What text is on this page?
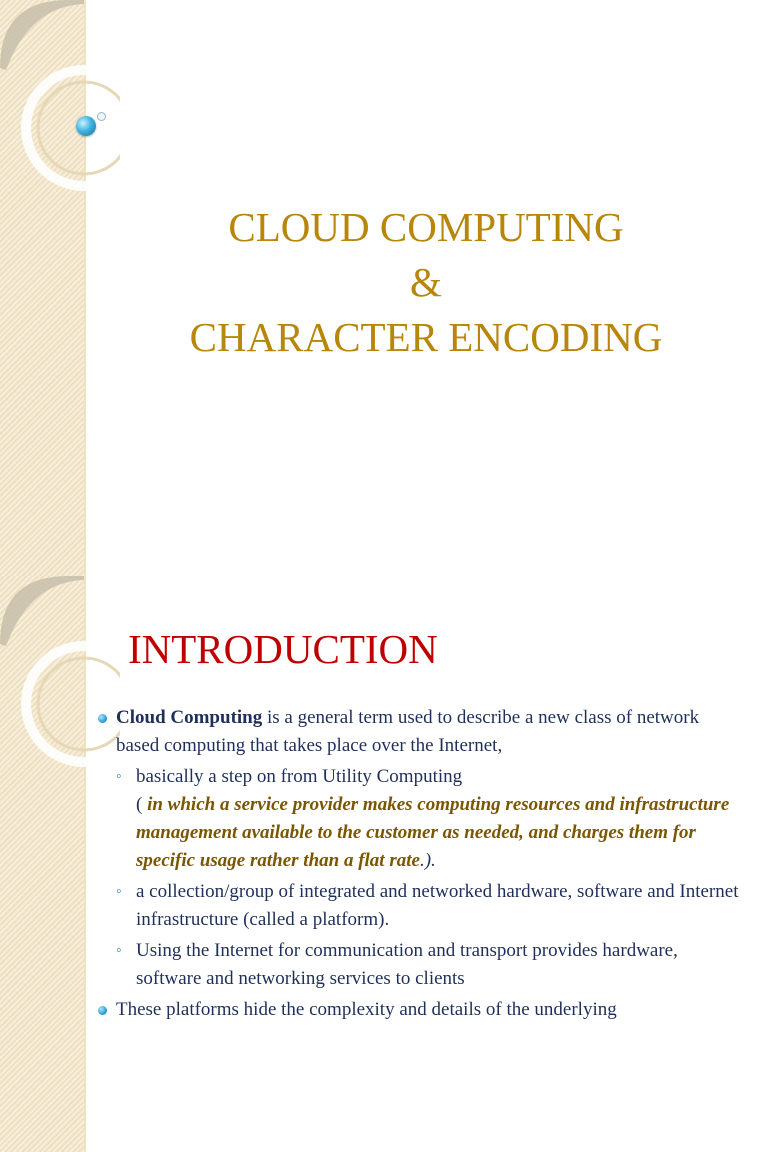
CLOUD COMPUTING
&
CHARACTER ENCODING
INTRODUCTION
Cloud Computing is a general term used to describe a new class of network based computing that takes place over the Internet,
◦ basically a step on from Utility Computing
( in which a service provider makes computing resources and infrastructure management available to the customer as needed, and charges them for specific usage rather than a flat rate.).
◦ a collection/group of integrated and networked hardware, software and Internet infrastructure (called a platform).
◦ Using the Internet for communication and transport provides hardware, software and networking services to clients
These platforms hide the complexity and details of the underlying
